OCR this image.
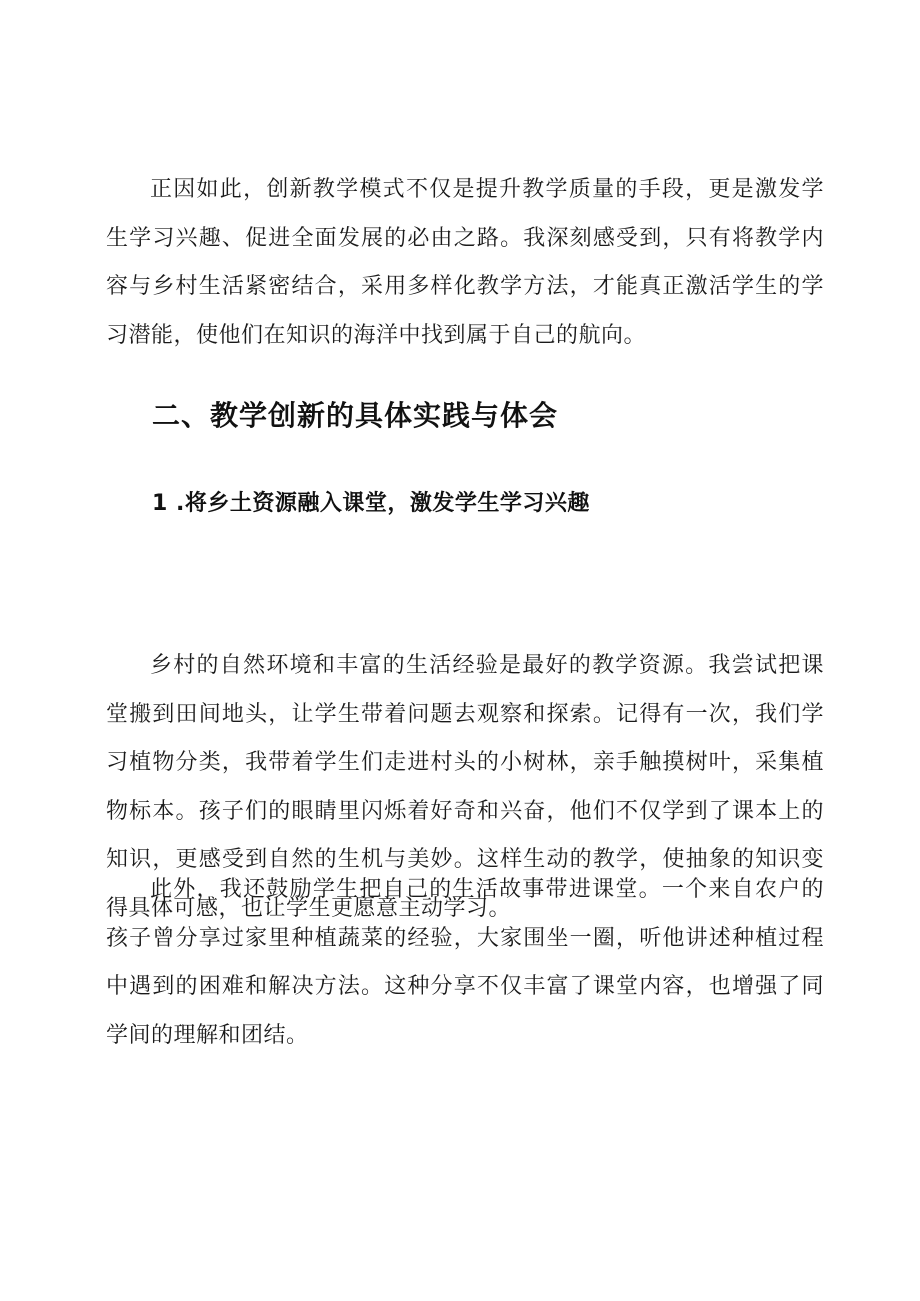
正因如此，创新教学模式不仅是提升教学质量的手段，更是激发学生学习兴趣、促进全面发展的必由之路。我深刻感受到，只有将教学内容与乡村生活紧密结合，采用多样化教学方法，才能真正激活学生的学习潜能，使他们在知识的海洋中找到属于自己的航向。

二、教学创新的具体实践与体会
1 .将乡土资源融入课堂，激发学生学习兴趣

乡村的自然环境和丰富的生活经验是最好的教学资源。我尝试把课堂搬到田间地头，让学生带着问题去观察和探索。记得有一次，我们学习植物分类，我带着学生们走进村头的小树林，亲手触摸树叶，采集植物标本。孩子们的眼睛里闪烁着好奇和兴奋，他们不仅学到了课本上的知识，更感受到自然的生机与美妙。这样生动的教学，使抽象的知识变得具体可感，也让学生更愿意主动学习。

此外，我还鼓励学生把自己的生活故事带进课堂。一个来自农户的孩子曾分享过家里种植蔬菜的经验，大家围坐一圈，听他讲述种植过程中遇到的困难和解决方法。这种分享不仅丰富了课堂内容，也增强了同学间的理解和团结。
